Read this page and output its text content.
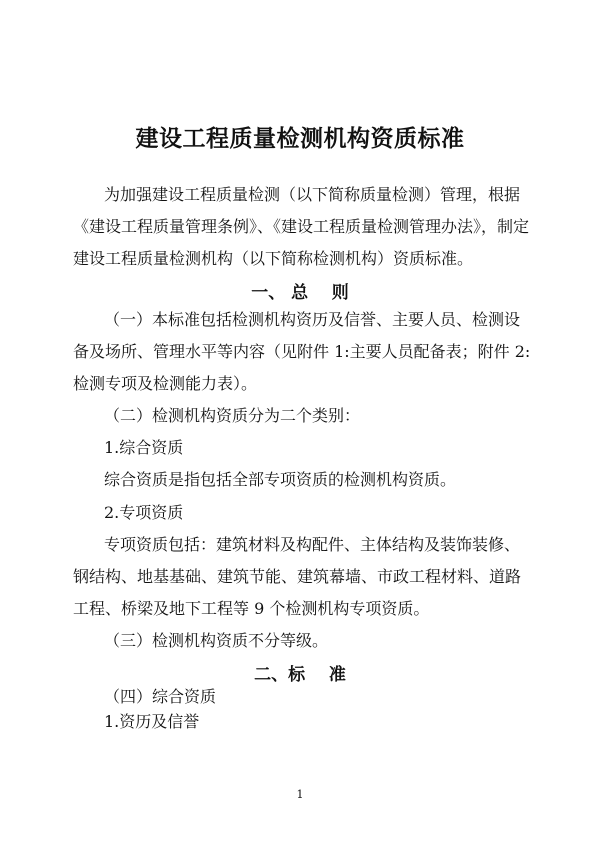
建设工程质量检测机构资质标准
为加强建设工程质量检测（以下简称质量检测）管理，根据
《建设工程质量管理条例》、《建设工程质量检测管理办法》，制定
建设工程质量检测机构（以下简称检测机构）资质标准。
一、 总    则
（一）本标准包括检测机构资历及信誉、主要人员、检测设
备及场所、管理水平等内容（见附件 1:主要人员配备表；附件 2:
检测专项及检测能力表）。
（二）检测机构资质分为二个类别：
1.综合资质
综合资质是指包括全部专项资质的检测机构资质。
2.专项资质
专项资质包括：建筑材料及构配件、主体结构及装饰装修、
钢结构、地基基础、建筑节能、建筑幕墙、市政工程材料、道路
工程、桥梁及地下工程等 9 个检测机构专项资质。
（三）检测机构资质不分等级。
二、标    准
（四）综合资质
1.资历及信誉
1
